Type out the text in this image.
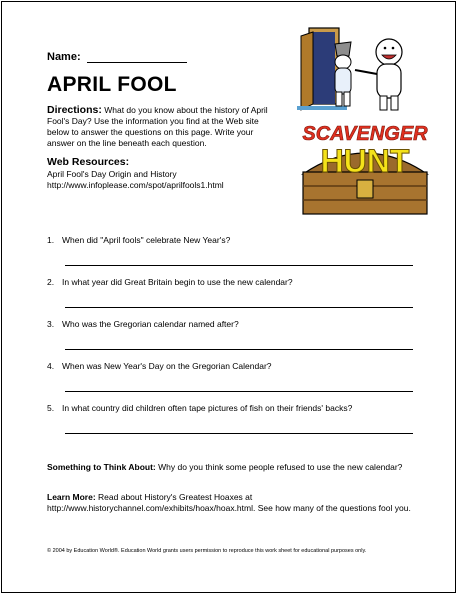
Name:
APRIL FOOL
Directions: What do you know about the history of April Fool's Day? Use the information you find at the Web site below to answer the questions on this page. Write your answer on the line beneath each question.
Web Resources:
April Fool's Day Origin and History
http://www.infoplease.com/spot/aprilfools1.html
SCAVENGER
HUNT
1. When did "April fools" celebrate New Year's?
2. In what year did Great Britain begin to use the new calendar?
3. Who was the Gregorian calendar named after?
4. When was New Year's Day on the Gregorian Calendar?
5. In what country did children often tape pictures of fish on their friends' backs?
Something to Think About: Why do you think some people refused to use the new calendar?
Learn More: Read about History's Greatest Hoaxes at http://www.historychannel.com/exhibits/hoax/hoax.html. See how many of the questions fool you.
© 2004 by Education World®. Education World grants users permission to reproduce this work sheet for educational purposes only.
